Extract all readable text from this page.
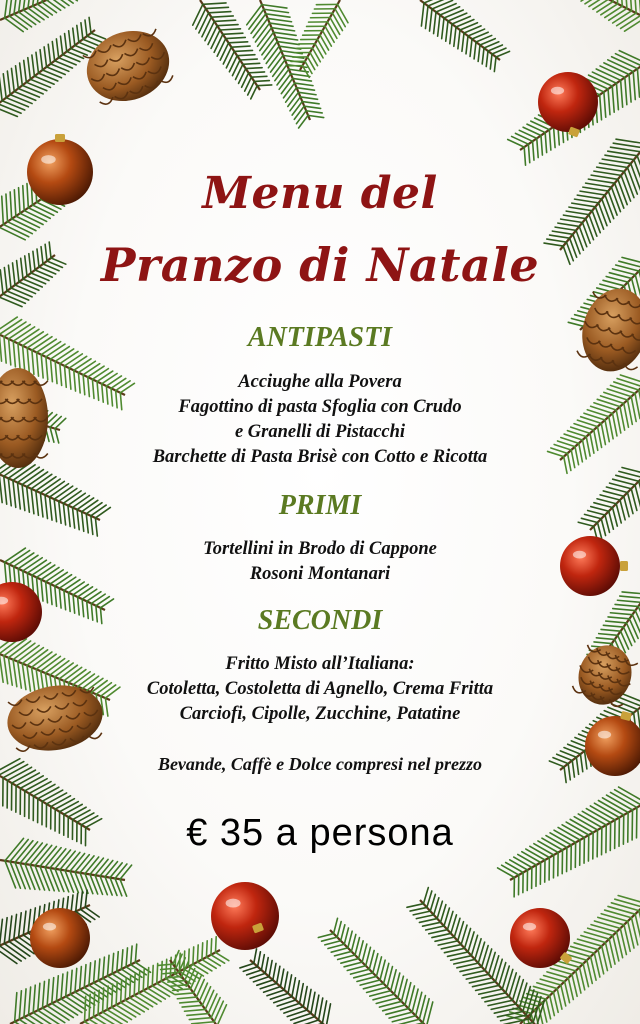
Menu del
Pranzo di Natale
ANTIPASTI
Acciughe alla Povera
Fagottino di pasta Sfoglia con Crudo
e Granelli di Pistacchi
Barchette di Pasta Brisè con Cotto e Ricotta
PRIMI
Tortellini in Brodo di Cappone
Rosoni Montanari
SECONDI
Fritto Misto all’Italiana:
Cotoletta, Costoletta di Agnello, Crema Fritta
Carciofi, Cipolle, Zucchine, Patatine
Bevande, Caffè e Dolce compresi nel prezzo
€ 35 a persona
